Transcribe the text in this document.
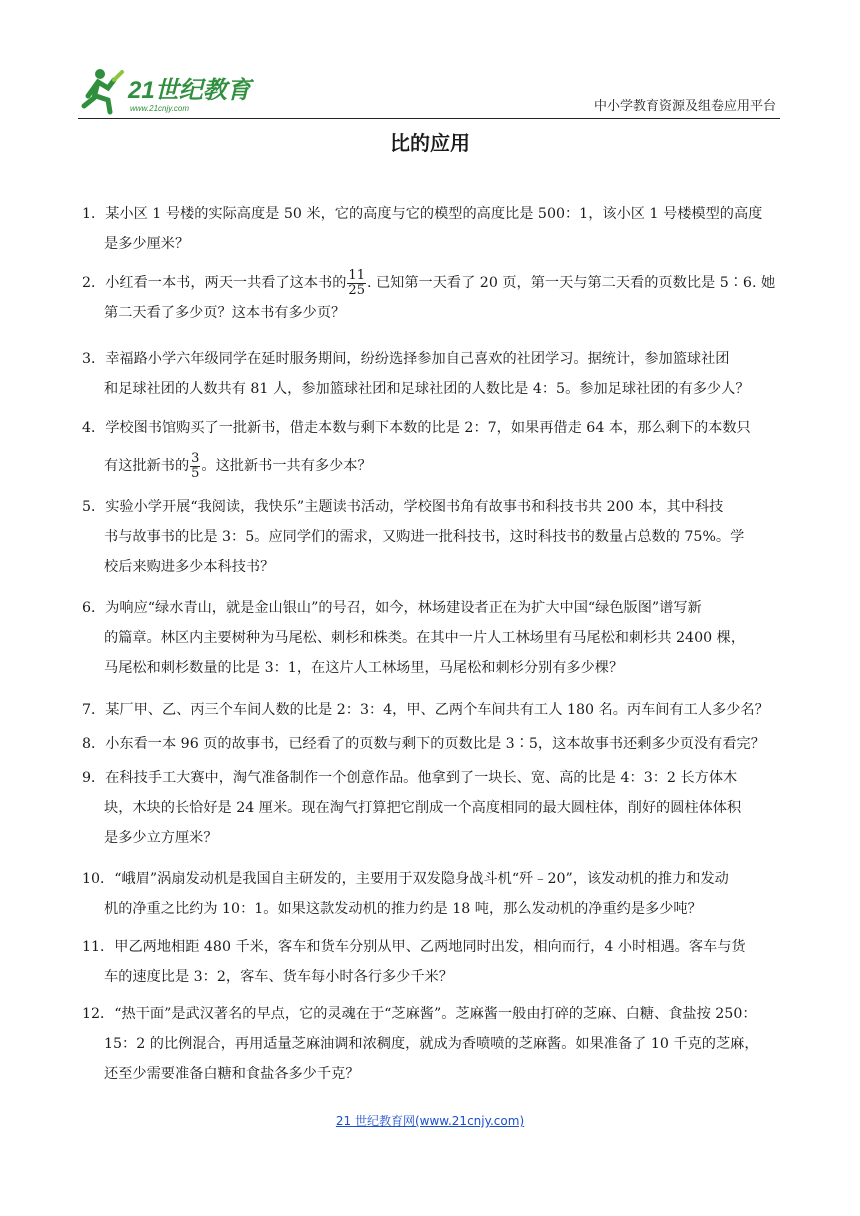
21世纪教育
www.21cnjy.com	中小学教育资源及组卷应用平台
比的应用
1．某小区 1 号楼的实际高度是 50 米，它的高度与它的模型的高度比是 500：1，该小区 1 号楼模型的高度
是多少厘米？
2．小红看一本书，两天一共看了这本书的 $\frac{11}{25}$ . 已知第一天看了 20 页，第一天与第二天看的页数比是 5∶6. 她
第二天看了多少页？这本书有多少页？
3．幸福路小学六年级同学在延时服务期间，纷纷选择参加自己喜欢的社团学习。据统计，参加篮球社团
和足球社团的人数共有 81 人，参加篮球社团和足球社团的人数比是 4：5。参加足球社团的有多少人？
4．学校图书馆购买了一批新书，借走本数与剩下本数的比是 2：7，如果再借走 64 本，那么剩下的本数只
有这批新书的 $\frac{3}{5}$ 。这批新书一共有多少本？
5．实验小学开展“我阅读，我快乐”主题读书活动，学校图书角有故事书和科技书共 200 本，其中科技
书与故事书的比是 3：5。应同学们的需求，又购进一批科技书，这时科技书的数量占总数的 75%。学
校后来购进多少本科技书？
6．为响应“绿水青山，就是金山银山”的号召，如今，林场建设者正在为扩大中国“绿色版图”谱写新
的篇章。林区内主要树种为马尾松、刺杉和株类。在其中一片人工林场里有马尾松和刺杉共 2400 棵，
马尾松和刺杉数量的比是 3：1，在这片人工林场里，马尾松和刺杉分别有多少棵？
7．某厂甲、乙、丙三个车间人数的比是 2：3：4，甲、乙两个车间共有工人 180 名。丙车间有工人多少名？
8．小东看一本 96 页的故事书，已经看了的页数与剩下的页数比是 3∶5，这本故事书还剩多少页没有看完？
9．在科技手工大赛中，淘气准备制作一个创意作品。他拿到了一块长、宽、高的比是 4：3：2 长方体木
块，木块的长恰好是 24 厘米。现在淘气打算把它削成一个高度相同的最大圆柱体，削好的圆柱体体积
是多少立方厘米？
10．“峨眉”涡扇发动机是我国自主研发的，主要用于双发隐身战斗机“歼﹣20”，该发动机的推力和发动
机的净重之比约为 10：1。如果这款发动机的推力约是 18 吨，那么发动机的净重约是多少吨？
11．甲乙两地相距 480 千米，客车和货车分别从甲、乙两地同时出发，相向而行，4 小时相遇。客车与货
车的速度比是 3：2，客车、货车每小时各行多少千米？
12．“热干面”是武汉著名的早点，它的灵魂在于“芝麻酱”。芝麻酱一般由打碎的芝麻、白糖、食盐按 250：
15：2 的比例混合，再用适量芝麻油调和浓稠度，就成为香喷喷的芝麻酱。如果准备了 10 千克的芝麻，
还至少需要准备白糖和食盐各多少千克？
21 世纪教育网(www.21cnjy.com)
